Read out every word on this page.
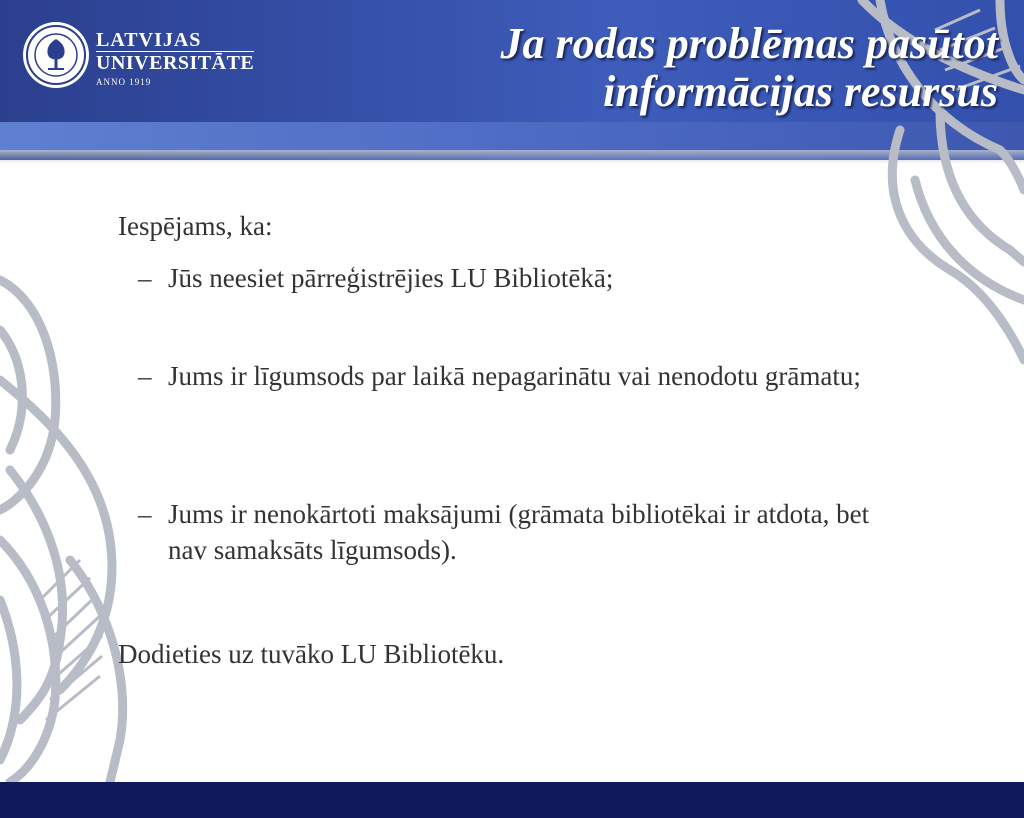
LATVIJAS
UNIVERSITĀTE
ANNO 1919
Ja rodas problēmas pasūtot
informācijas resursus
Iespējams, ka:
– Jūs neesiet pārreģistrējies LU Bibliotēkā;
– Jums ir līgumsods par laikā nepagarinātu vai nenodotu grāmatu;
– Jums ir nenokārtoti maksājumi (grāmata bibliotēkai ir atdota, bet nav samaksāts līgumsods).
Dodieties uz tuvāko LU Bibliotēku.
